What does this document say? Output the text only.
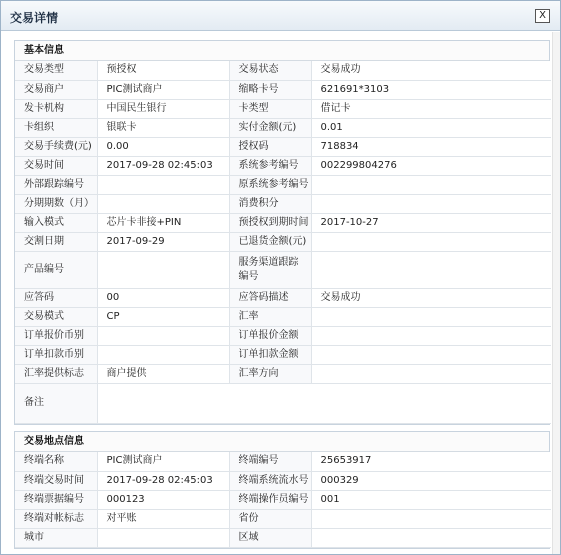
交易详情	X
基本信息
交易类型	预授权	交易状态	交易成功
交易商户	PIC测试商户	缩略卡号	621691*3103
发卡机构	中国民生银行	卡类型	借记卡
卡组织	银联卡	实付金额(元)	0.01
交易手续费(元)	0.00	授权码	718834
交易时间	2017-09-28 02:45:03	系统参考编号	002299804276
外部跟踪编号		原系统参考编号	
分期期数（月）		消费积分	
输入模式	芯片卡非接+PIN	预授权到期时间	2017-10-27
交割日期	2017-09-29	已退货金额(元)	
产品编号		服务渠道跟踪编号	
应答码	00	应答码描述	交易成功
交易模式	CP	汇率	
订单报价币别		订单报价金额	
订单扣款币别		订单扣款金额	
汇率提供标志	商户提供	汇率方向	
备注			
交易地点信息
终端名称	PIC测试商户	终端编号	25653917
终端交易时间	2017-09-28 02:45:03	终端系统流水号	000329
终端票据编号	000123	终端操作员编号	001
终端对帐标志	对平账	省份	
城市		区域	
